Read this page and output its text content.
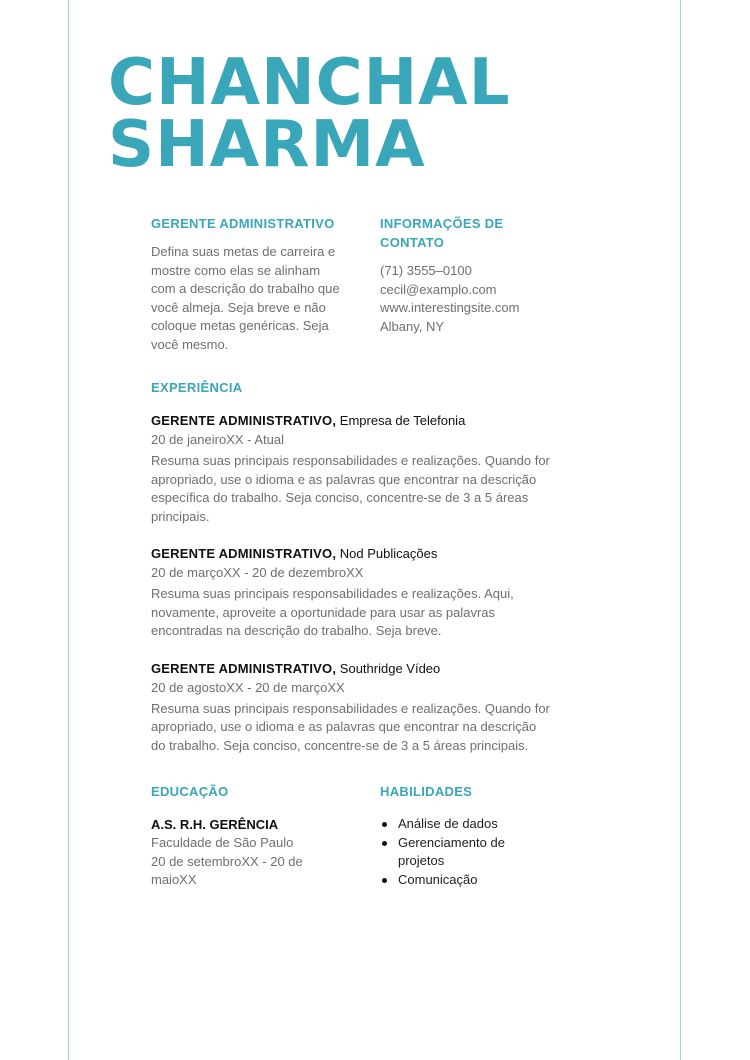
CHANCHAL
SHARMA
GERENTE ADMINISTRATIVO

Defina suas metas de carreira e mostre como elas se alinham com a descrição do trabalho que você almeja. Seja breve e não coloque metas genéricas. Seja você mesmo.

INFORMAÇÕES DE CONTATO
(71) 3555–0100
cecil@examplo.com
www.interestingsite.com
Albany, NY
EXPERIÊNCIA

GERENTE ADMINISTRATIVO, Empresa de Telefonia

20 de janeiroXX - Atual

Resuma suas principais responsabilidades e realizações. Quando for apropriado, use o idioma e as palavras que encontrar na descrição específica do trabalho. Seja conciso, concentre-se de 3 a 5 áreas principais.

GERENTE ADMINISTRATIVO, Nod Publicações

20 de marçoXX - 20 de dezembroXX

Resuma suas principais responsabilidades e realizações. Aqui, novamente, aproveite a oportunidade para usar as palavras encontradas na descrição do trabalho. Seja breve.

GERENTE ADMINISTRATIVO, Southridge Vídeo

20 de agostoXX - 20 de marçoXX

Resuma suas principais responsabilidades e realizações. Quando for apropriado, use o idioma e as palavras que encontrar na descrição do trabalho. Seja conciso, concentre-se de 3 a 5 áreas principais.

EDUCAÇÃO

A.S. R.H. GERÊNCIA

Faculdade de São Paulo

20 de setembroXX - 20 de maioXX

HABILIDADES
Análise de dados
Gerenciamento de projetos
Comunicação
